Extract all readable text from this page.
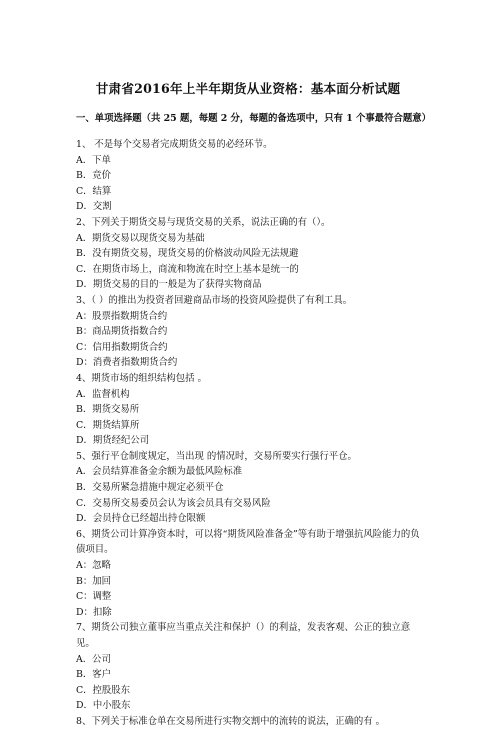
甘肃省2016年上半年期货从业资格：基本面分析试题
一、单项选择题（共 25 题，每题 2 分，每题的备选项中，只有 1 个事最符合题意）
1、 不是每个交易者完成期货交易的必经环节。
A．下单
B．竞价
C．结算
D．交割
2、下列关于期货交易与现货交易的关系，说法正确的有（）。
A．期货交易以现货交易为基础
B．没有期货交易，现货交易的价格波动风险无法规避
C．在期货市场上，商流和物流在时空上基本是统一的
D．期货交易的目的一般是为了获得实物商品
3、（ ）的推出为投资者回避商品市场的投资风险提供了有利工具。
A：股票指数期货合约
B：商品期货指数合约
C：信用指数期货合约
D：消费者指数期货合约
4、期货市场的组织结构包括 。
A．监督机构
B．期货交易所
C．期货结算所
D．期货经纪公司
5、强行平仓制度规定，当出现 的情况时，交易所要实行强行平仓。
A．会员结算准备金余额为最低风险标准
B．交易所紧急措施中规定必须平仓
C．交易所交易委员会认为该会员具有交易风险
D．会员持仓已经超出持仓限额
6、期货公司计算净资本时，可以将“期货风险准备金”等有助于增强抗风险能力的负债项目。
A：忽略
B：加回
C：调整
D：扣除
7、期货公司独立董事应当重点关注和保护（）的利益，发表客观、公正的独立意见。
A．公司
B．客户
C．控股股东
D．中小股东
8、下列关于标准仓单在交易所进行实物交割中的流转的说法，正确的有 。
